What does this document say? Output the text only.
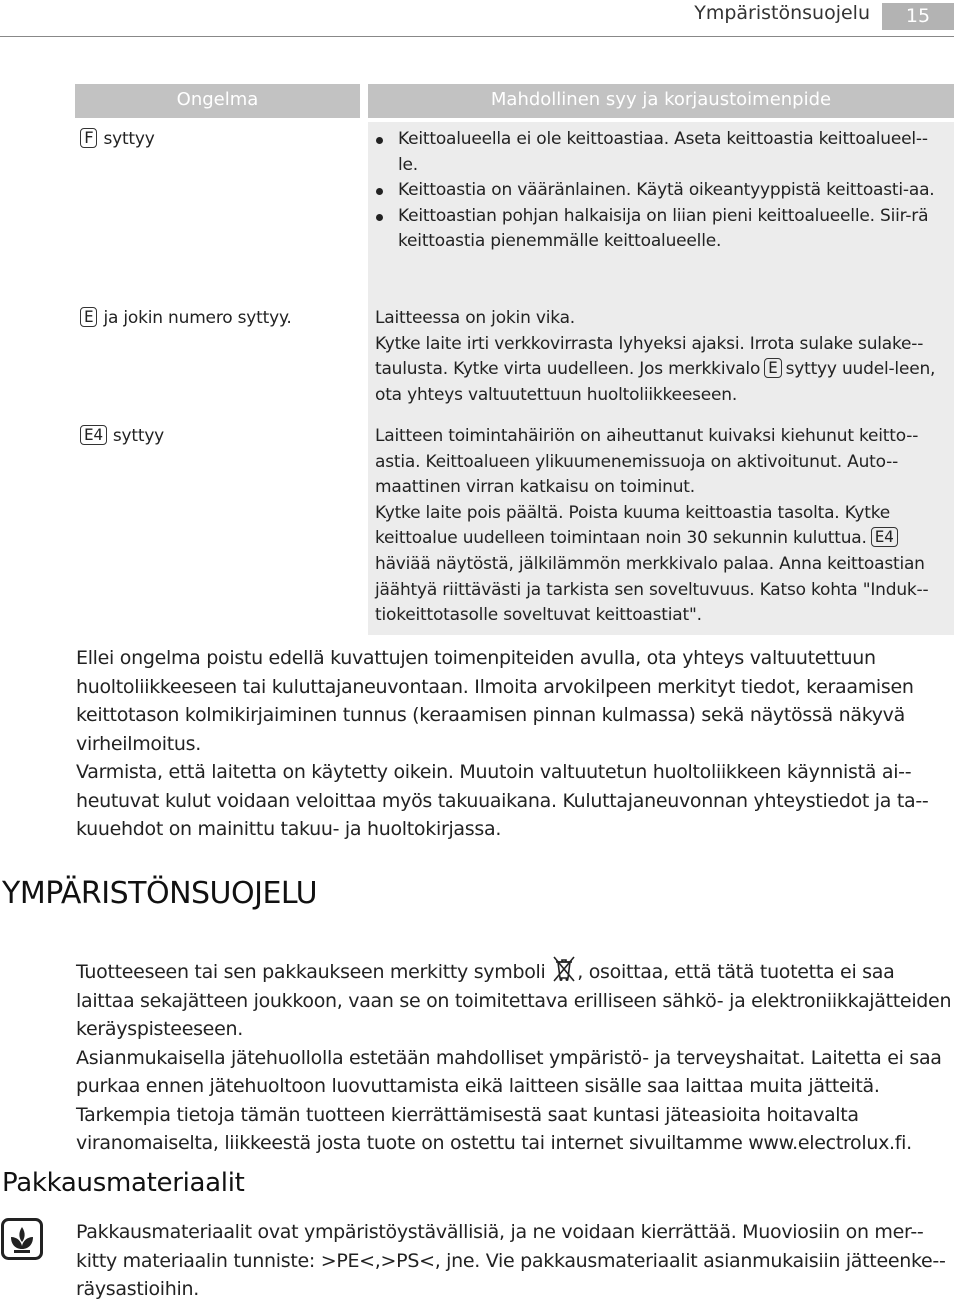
Ympäristönsuojelu	15
Ongelma	Mahdollinen syy ja korjaustoimenpide
F syttyy	Keittoalueella ei ole keittoastiaa. Aseta keittoastia keittoalueel-le.
Keittoastia on vääränlainen. Käytä oikeantyyppistä keittoasti-aa.
Keittoastian pohjan halkaisija on liian pieni keittoalueelle. Siir-rä keittoastia pienemmälle keittoalueelle.
E ja jokin numero syttyy.	Laitteessa on jokin vika.
Kytke laite irti verkkovirrasta lyhyeksi ajaksi. Irrota sulake sulake-taulusta. Kytke virta uudelleen. Jos merkkivalo E syttyy uudel-leen, ota yhteys valtuutettuun huoltoliikkeeseen.
E4 syttyy	Laitteen toimintahäiriön on aiheuttanut kuivaksi kiehunut keitto-astia. Keittoalueen ylikuumenemissuoja on aktivoitunut. Auto-maattinen virran katkaisu on toiminut.
Kytke laite pois päältä. Poista kuuma keittoastia tasolta. Kytke keittoalue uudelleen toimintaan noin 30 sekunnin kuluttua. E4häviää näytöstä, jälkilämmön merkkivalo palaa. Anna keittoastian jäähtyä riittävästi ja tarkista sen soveltuvuus. Katso kohta "Induk-tiokeittotasolle soveltuvat keittoastiat".

Ellei ongelma poistu edellä kuvattujen toimenpiteiden avulla, ota yhteys valtuutettuun huoltoliikkeeseen tai kuluttajaneuvontaan. Ilmoita arvokilpeen merkityt tiedot, keraamisen keittotason kolmikirjaiminen tunnus (keraamisen pinnan kulmassa) sekä näytössä näkyvä virheilmoitus.

Varmista, että laitetta on käytetty oikein. Muutoin valtuutetun huoltoliikkeen käynnistä ai-heutuvat kulut voidaan veloittaa myös takuuaikana. Kuluttajaneuvonnan yhteystiedot ja ta-kuuehdot on mainittu takuu- ja huoltokirjassa.

YMPÄRISTÖNSUOJELU

Tuotteeseen tai sen pakkaukseen merkitty symboli , osoittaa, että tätä tuotetta ei saa laittaa sekajätteen joukkoon, vaan se on toimitettava erilliseen sähkö- ja elektroniikkajätteiden keräyspisteeseen.

Asianmukaisella jätehuollolla estetään mahdolliset ympäristö- ja terveyshaitat. Laitetta ei saa purkaa ennen jätehuoltoon luovuttamista eikä laitteen sisälle saa laittaa muita jätteitä.

Tarkempia tietoja tämän tuotteen kierrättämisestä saat kuntasi jäteasioita hoitavalta viranomaiselta, liikkeestä josta tuote on ostettu tai internet sivuiltamme www.electrolux.fi.

Pakkausmateriaalit

Pakkausmateriaalit ovat ympäristöystävällisiä, ja ne voidaan kierrättää. Muoviosiin on mer-kitty materiaalin tunniste: >PE<,>PS<, jne. Vie pakkausmateriaalit asianmukaisiin jätteenke-räysastioihin.
